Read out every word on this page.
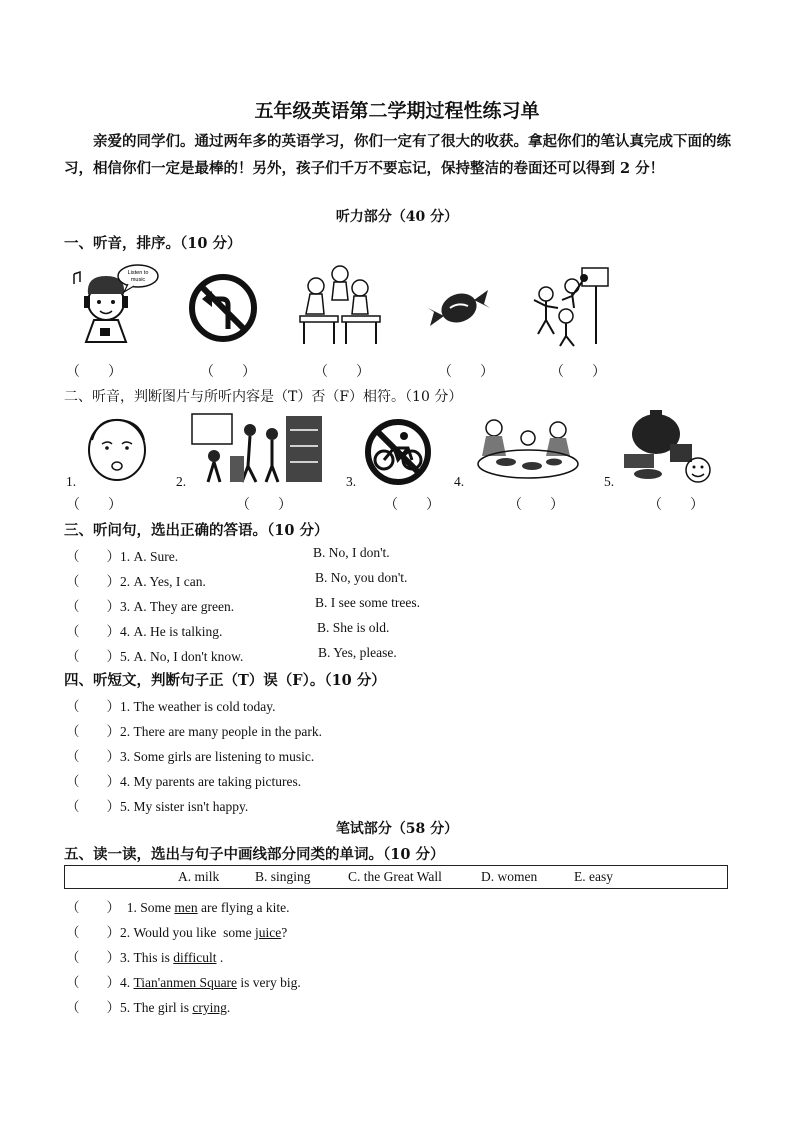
五年级英语第二学期过程性练习单
亲爱的同学们。通过两年多的英语学习，你们一定有了很大的收获。拿起你们的笔认真完成下面的练习，相信你们一定是最棒的！另外，孩子们千万不要忘记，保持整洁的卷面还可以得到 2 分！
听力部分（40 分）
一、听音，排序。（10 分）
Listen to
music
（        ）	（        ）	（        ）	（        ）	（        ）
二、听音，判断图片与所听内容是（T）否（F）相符。（10 分）
1.	2.	3.	4.	5.
（        ）	（        ）	（        ）	（        ）	（        ）
三、听问句，选出正确的答语。（10 分）
（        ）1. A. Sure.	B. No, I don't.
（        ）2. A. Yes, I can.	B. No, you don't.
（        ）3. A. They are green.	B. I see some trees.
（        ）4. A. He is talking.	B. She is old.
（        ）5. A. No, I don't know.	B. Yes, please.
四、听短文，判断句子正（T）误（F）。（10 分）
（        ）1. The weather is cold today.
（        ）2. There are many people in the park.
（        ）3. Some girls are listening to music.
（        ）4. My parents are taking pictures.
（        ）5. My sister isn't happy.
笔试部分（58 分）
五、读一读，选出与句子中画线部分同类的单词。（10 分）
A. milk	B. singing	C. the Great Wall	D. women	E. easy
（        ）  1. Some men are flying a kite.
（        ）2. Would you like  some juice?
（        ）3. This is difficult .
（        ）4. Tian'anmen Square is very big.
（        ）5. The girl is crying.
